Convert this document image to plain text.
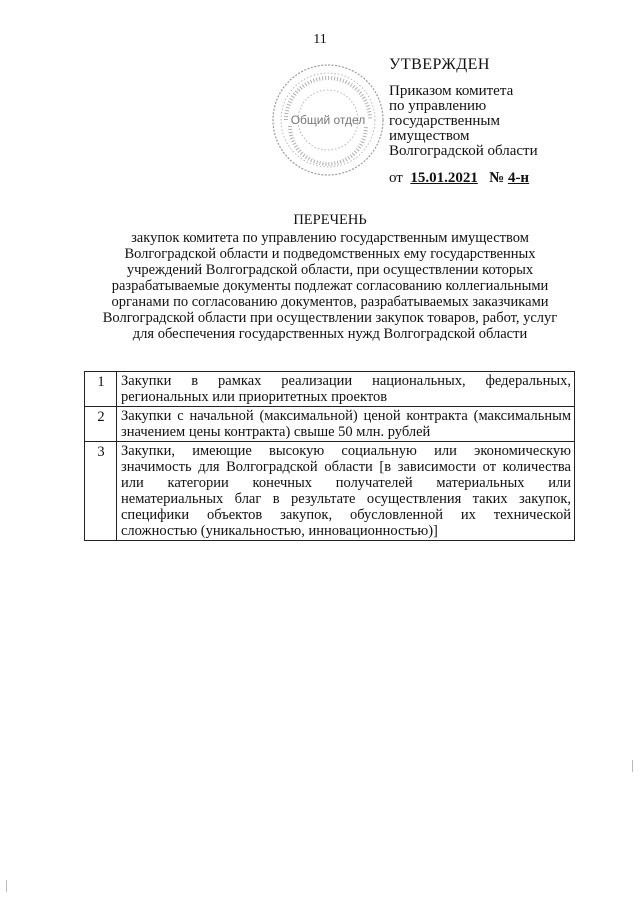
11
Общий отдел
УТВЕРЖДЕН
Приказом комитета
по управлению
государственным
имуществом
Волгоградской области
от 15.01.2021 № 4-н
ПЕРЕЧЕНЬ
закупок комитета по управлению государственным имуществом
Волгоградской области и подведомственных ему государственных
учреждений Волгоградской области, при осуществлении которых
разрабатываемые документы подлежат согласованию коллегиальными
органами по согласованию документов, разрабатываемых заказчиками
Волгоградской области при осуществлении закупок товаров, работ, услуг
для обеспечения государственных нужд Волгоградской области
1	Закупки в рамках реализации национальных, федеральных, региональных или приоритетных проектов
2	Закупки с начальной (максимальной) ценой контракта (максимальным значением цены контракта) свыше 50 млн. рублей
3	Закупки, имеющие высокую социальную или экономическую значимость для Волгоградской области [в зависимости от количества или категории конечных получателей материальных или нематериальных благ в результате осуществления таких закупок, специфики объектов закупок, обусловленной их технической сложностью (уникальностью, инновационностью)]
